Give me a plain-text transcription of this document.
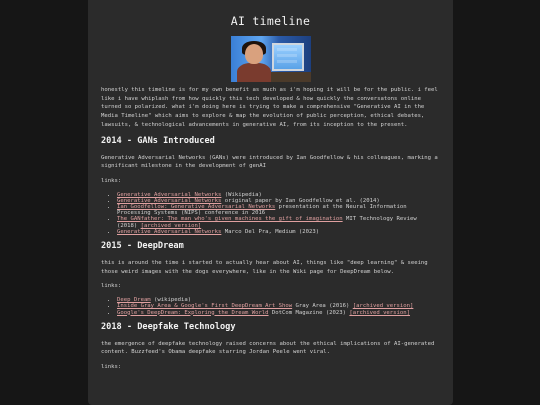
AI timeline

honestly this timeline is for my own benefit as much as i'm hoping it will be for the public. i feel like i have whiplash from how quickly this tech developed & how quickly the conversatons online turned so polarized. what i'm doing here is trying to make a comprehensive "Generative AI in the Media Timeline" which aims to explore & map the evolution of public perception, ethical debates, lawsuits, & technological advancements in generative AI, from its inception to the present.

2014 - GANs Introduced

Generative Adversarial Networks (GANs) were introduced by Ian Goodfellow & his colleagues, marking a significant milestone in the development of genAI

links:

• Generative Adversarial Networks (Wikipedia)
• Generative Adversarial Networks original paper by Ian Goodfellow et al. (2014)
• Ian Goodfellow: Generative Adversarial Networks presentation at the Neural Information Processing Systems (NIPS) conference in 2016
• The GANfather: The man who's given machines the gift of imagination MIT Technology Review (2018) [archived version]
• Generative Adversarial Networks Marco Del Pra, Medium (2023)
2015 - DeepDream

this is around the time i started to actually hear about AI, things like "deep learning" & seeing those weird images with the dogs everywhere, like in the Wiki page for DeepDream below.

links:

• Deep Dream (wikipedia)
• Inside Gray Area & Google's First DeepDream Art Show Gray Area (2016) [archived version]
• Google's DeepDream: Exploring the Dream World DotCom Magazine (2023) [archived version]
2018 - Deepfake Technology

the emergence of deepfake technology raised concerns about the ethical implications of AI-generated content. Buzzfeed's Obama deepfake starring Jordan Peele went viral.

links:
